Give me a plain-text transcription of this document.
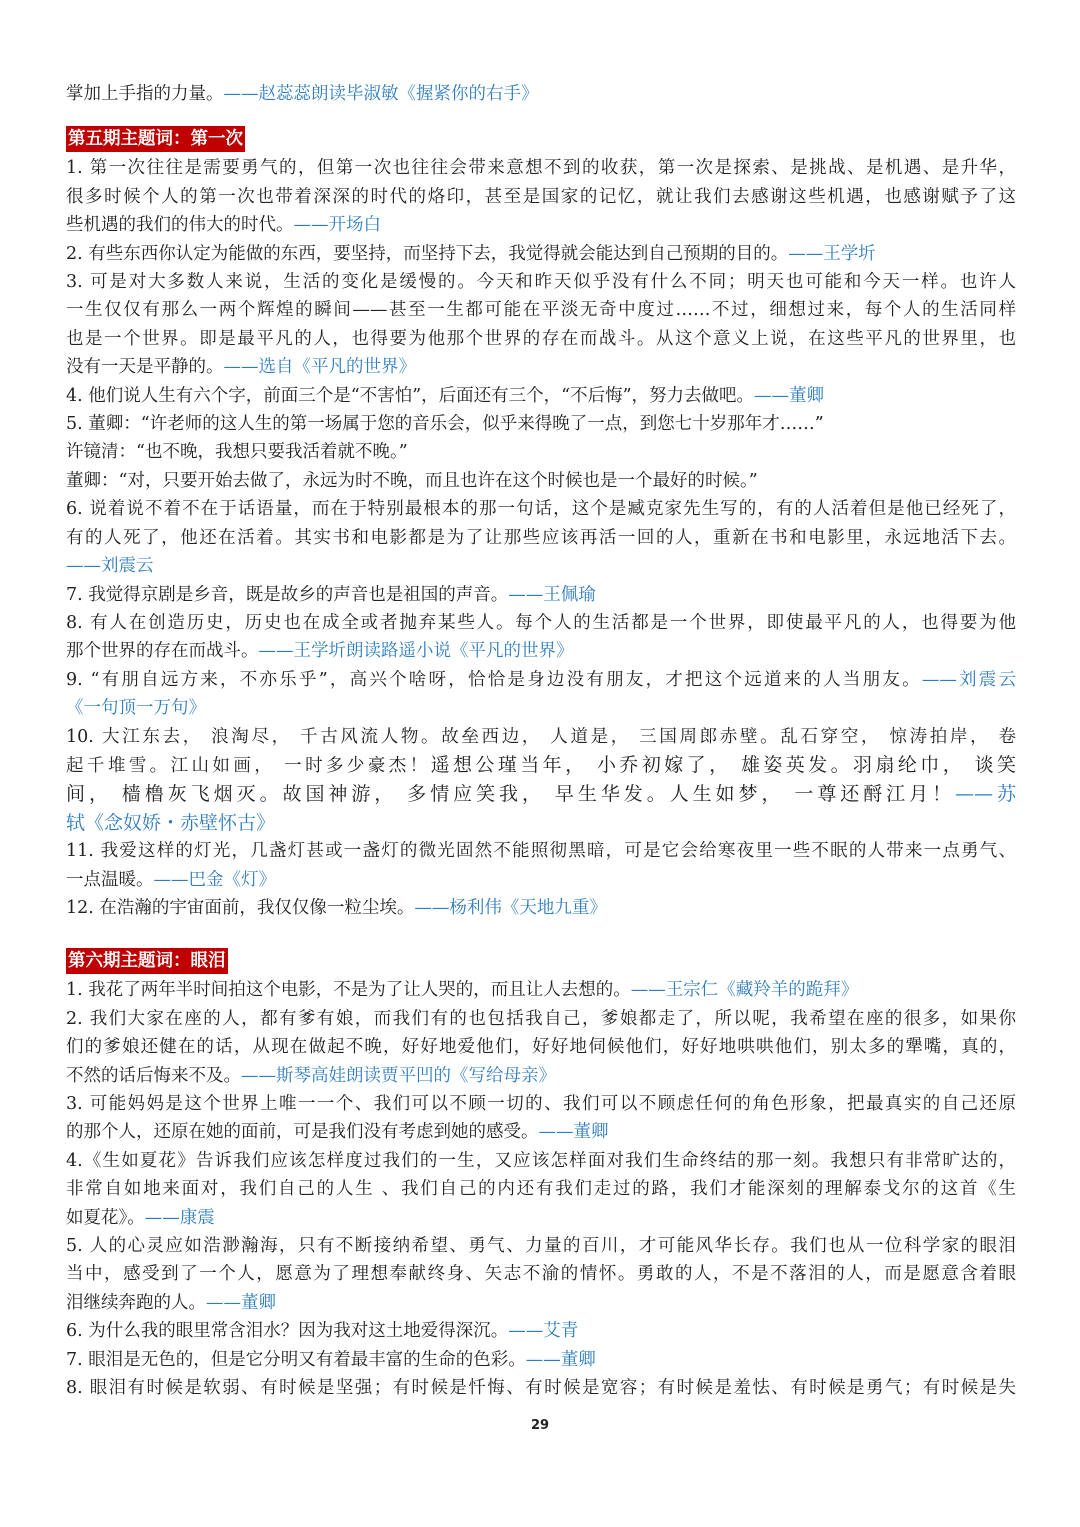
掌加上手指的力量。——赵蕊蕊朗读毕淑敏《握紧你的右手》
第五期主题词：第一次
1. 第一次往往是需要勇气的，但第一次也往往会带来意想不到的收获，第一次是探索、是挑战、是机遇、是升华，
很多时候个人的第一次也带着深深的时代的烙印，甚至是国家的记忆，就让我们去感谢这些机遇，也感谢赋予了这
些机遇的我们的伟大的时代。——开场白
2. 有些东西你认定为能做的东西，要坚持，而坚持下去，我觉得就会能达到自己预期的目的。——王学圻
3. 可是对大多数人来说，生活的变化是缓慢的。今天和昨天似乎没有什么不同；明天也可能和今天一样。也许人
一生仅仅有那么一两个辉煌的瞬间——甚至一生都可能在平淡无奇中度过……不过，细想过来，每个人的生活同样
也是一个世界。即是最平凡的人，也得要为他那个世界的存在而战斗。从这个意义上说，在这些平凡的世界里，也
没有一天是平静的。——选自《平凡的世界》
4. 他们说人生有六个字，前面三个是“不害怕”，后面还有三个，“不后悔”，努力去做吧。——董卿
5. 董卿：“许老师的这人生的第一场属于您的音乐会，似乎来得晚了一点，到您七十岁那年才……”
许镜清：“也不晚，我想只要我活着就不晚。”
董卿：“对，只要开始去做了，永远为时不晚，而且也许在这个时候也是一个最好的时候。”
6. 说着说不着不在于话语量，而在于特别最根本的那一句话，这个是臧克家先生写的，有的人活着但是他已经死了，
有的人死了，他还在活着。其实书和电影都是为了让那些应该再活一回的人，重新在书和电影里，永远地活下去。
——刘震云
7. 我觉得京剧是乡音，既是故乡的声音也是祖国的声音。——王佩瑜
8. 有人在创造历史，历史也在成全或者抛弃某些人。每个人的生活都是一个世界，即使最平凡的人，也得要为他
那个世界的存在而战斗。——王学圻朗读路遥小说《平凡的世界》
9. “有朋自远方来，不亦乐乎”，高兴个啥呀，恰恰是身边没有朋友，才把这个远道来的人当朋友。——刘震云
《一句顶一万句》
10. 大江东去， 浪淘尽， 千古风流人物。故垒西边， 人道是， 三国周郎赤壁。乱石穿空， 惊涛拍岸， 卷
起千堆雪。江山如画， 一时多少豪杰！遥想公瑾当年， 小乔初嫁了， 雄姿英发。羽扇纶巾， 谈笑
间， 樯橹灰飞烟灭。故国神游， 多情应笑我， 早生华发。人生如梦， 一尊还酹江月！——苏
轼《念奴娇・赤壁怀古》
11. 我爱这样的灯光，几盏灯甚或一盏灯的微光固然不能照彻黑暗，可是它会给寒夜里一些不眠的人带来一点勇气、
一点温暖。——巴金《灯》
12. 在浩瀚的宇宙面前，我仅仅像一粒尘埃。——杨利伟《天地九重》
第六期主题词：眼泪
1. 我花了两年半时间拍这个电影，不是为了让人哭的，而且让人去想的。——王宗仁《藏羚羊的跪拜》
2. 我们大家在座的人，都有爹有娘，而我们有的也包括我自己，爹娘都走了，所以呢，我希望在座的很多，如果你
们的爹娘还健在的话，从现在做起不晚，好好地爱他们，好好地伺候他们，好好地哄哄他们，别太多的犟嘴，真的，
不然的话后悔来不及。——斯琴高娃朗读贾平凹的《写给母亲》
3. 可能妈妈是这个世界上唯一一个、我们可以不顾一切的、我们可以不顾虑任何的角色形象，把最真实的自己还原
的那个人，还原在她的面前，可是我们没有考虑到她的感受。——董卿
4.《生如夏花》告诉我们应该怎样度过我们的一生，又应该怎样面对我们生命终结的那一刻。我想只有非常旷达的，
非常自如地来面对，我们自己的人生 、我们自己的内还有我们走过的路，我们才能深刻的理解泰戈尔的这首《生
如夏花》。——康震
5. 人的心灵应如浩渺瀚海，只有不断接纳希望、勇气、力量的百川，才可能风华长存。我们也从一位科学家的眼泪
当中，感受到了一个人，愿意为了理想奉献终身、矢志不渝的情怀。勇敢的人，不是不落泪的人，而是愿意含着眼
泪继续奔跑的人。——董卿
6. 为什么我的眼里常含泪水？因为我对这土地爱得深沉。——艾青
7. 眼泪是无色的，但是它分明又有着最丰富的生命的色彩。——董卿
8. 眼泪有时候是软弱、有时候是坚强；有时候是忏悔、有时候是宽容；有时候是羞怯、有时候是勇气；有时候是失
29
